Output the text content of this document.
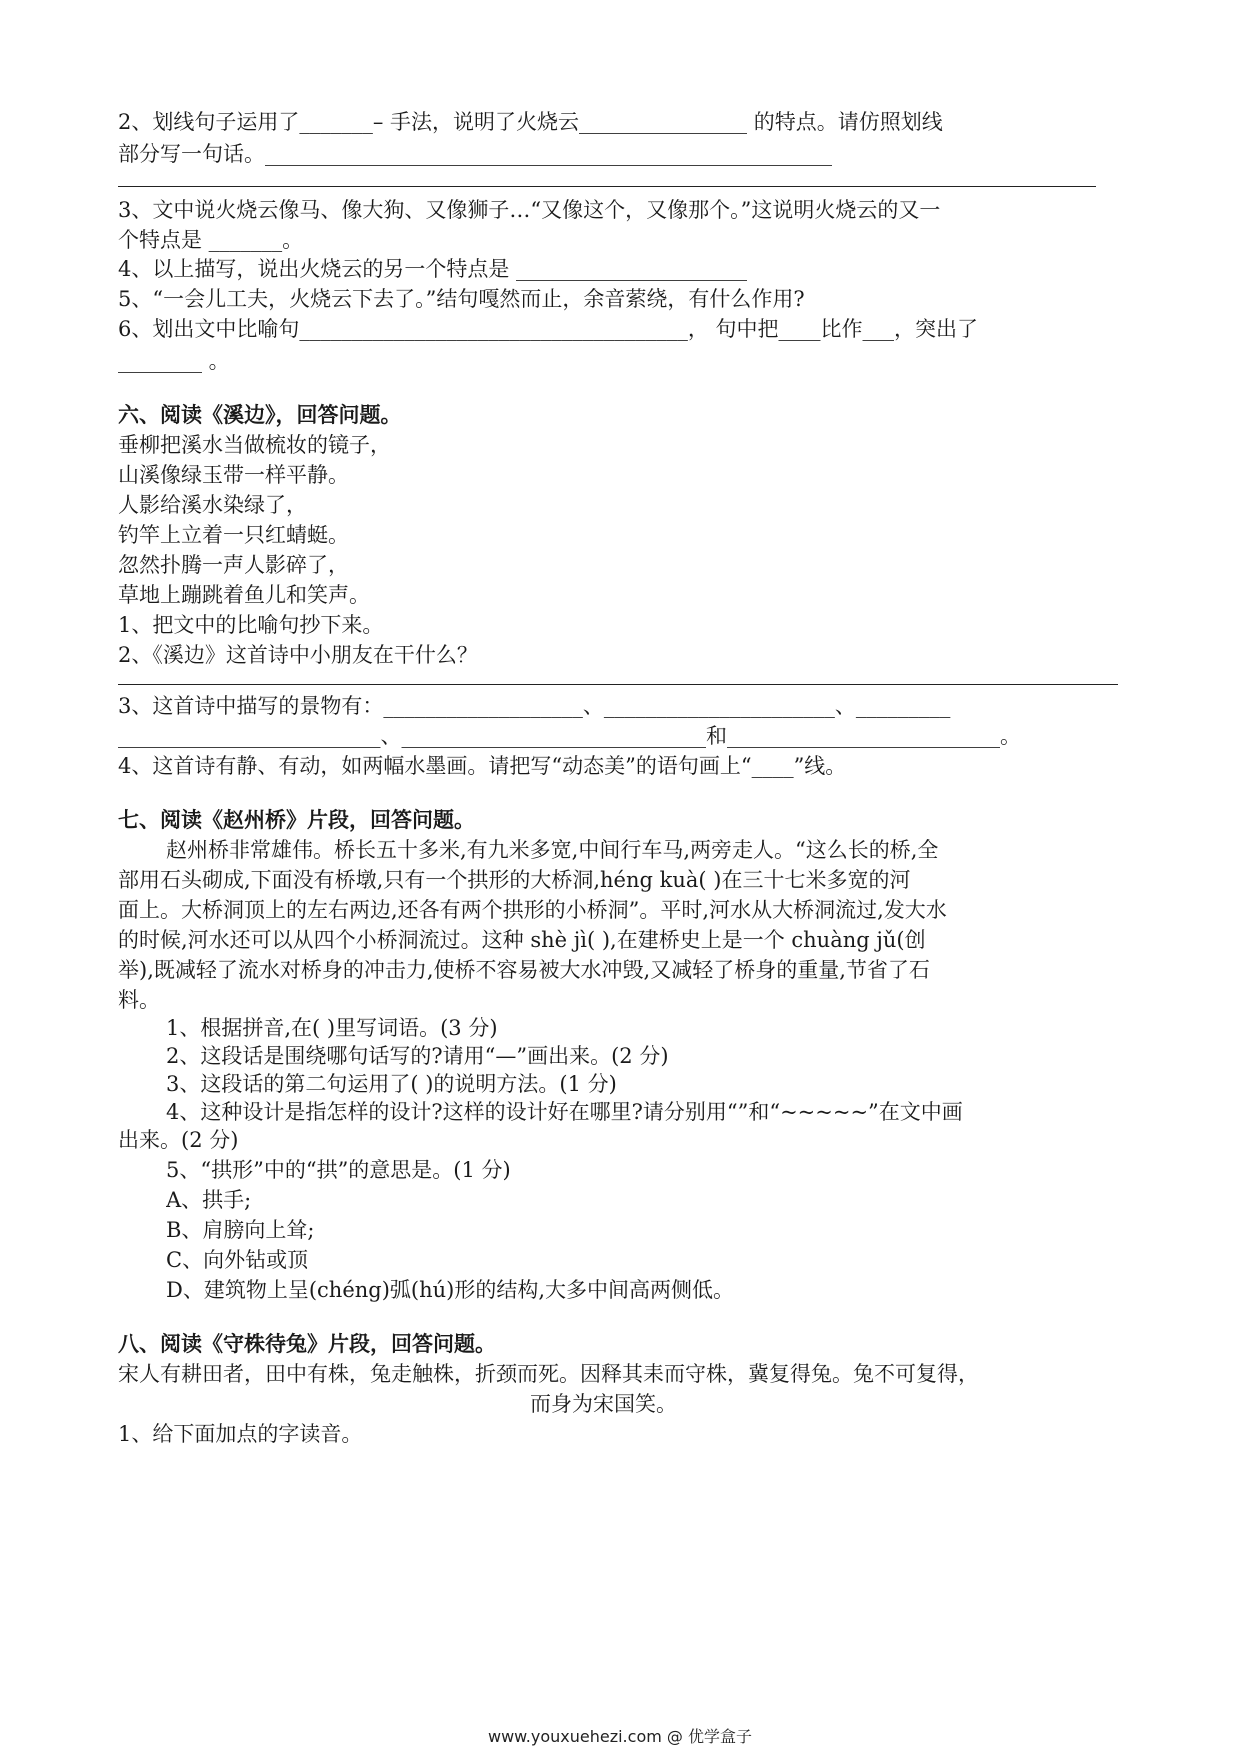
2、划线句子运用了_______– 手法，说明了火烧云________________ 的特点。请仿照划线
部分写一句话。______________________________________________________
3、文中说火烧云像马、像大狗、又像狮子…“又像这个，又像那个。”这说明火烧云的又一
个特点是 _______。
4、以上描写，说出火烧云的另一个特点是 ______________________
5、“一会儿工夫，火烧云下去了。”结句嘎然而止，余音萦绕，有什么作用?
6、划出文中比喻句_____________________________________， 句中把____比作___，突出了
________ 。
六、阅读《溪边》，回答问题。
垂柳把溪水当做梳妆的镜子，
山溪像绿玉带一样平静。
人影给溪水染绿了，
钓竿上立着一只红蜻蜓。
忽然扑腾一声人影碎了，
草地上蹦跳着鱼儿和笑声。
1、把文中的比喻句抄下来。
2、《溪边》这首诗中小朋友在干什么？
3、这首诗中描写的景物有：___________________、______________________、_________
_________________________、_____________________________和__________________________。
4、这首诗有静、有动，如两幅水墨画。请把写“动态美”的语句画上“____”线。
七、阅读《赵州桥》片段，回答问题。
赵州桥非常雄伟。桥长五十多米,有九米多宽,中间行车马,两旁走人。“这么长的桥,全
部用石头砌成,下面没有桥墩,只有一个拱形的大桥洞,héng kuà( )在三十七米多宽的河
面上。大桥洞顶上的左右两边,还各有两个拱形的小桥洞”。平时,河水从大桥洞流过,发大水
的时候,河水还可以从四个小桥洞流过。这种 shè jì( ),在建桥史上是一个 chuàng jǔ(创
举),既减轻了流水对桥身的冲击力,使桥不容易被大水冲毁,又减轻了桥身的重量,节省了石
料。
1、根据拼音,在( )里写词语。(3 分)
2、这段话是围绕哪句话写的?请用“—”画出来。(2 分)
3、这段话的第二句运用了( )的说明方法。(1 分)
4、这种设计是指怎样的设计?这样的设计好在哪里?请分别用“”和“~~~~~”在文中画
出来。(2 分)
5、“拱形”中的“拱”的意思是。(1 分)
A、拱手;
B、肩膀向上耸;
C、向外钻或顶
D、建筑物上呈(chéng)弧(hú)形的结构,大多中间高两侧低。
八、阅读《守株待兔》片段，回答问题。
宋人有耕田者，田中有株，兔走触株，折颈而死。因释其耒而守株，冀复得兔。兔不可复得，
而身为宋国笑。
1、给下面加点的字读音。
www.youxuehezi.com @ 优学盒子
